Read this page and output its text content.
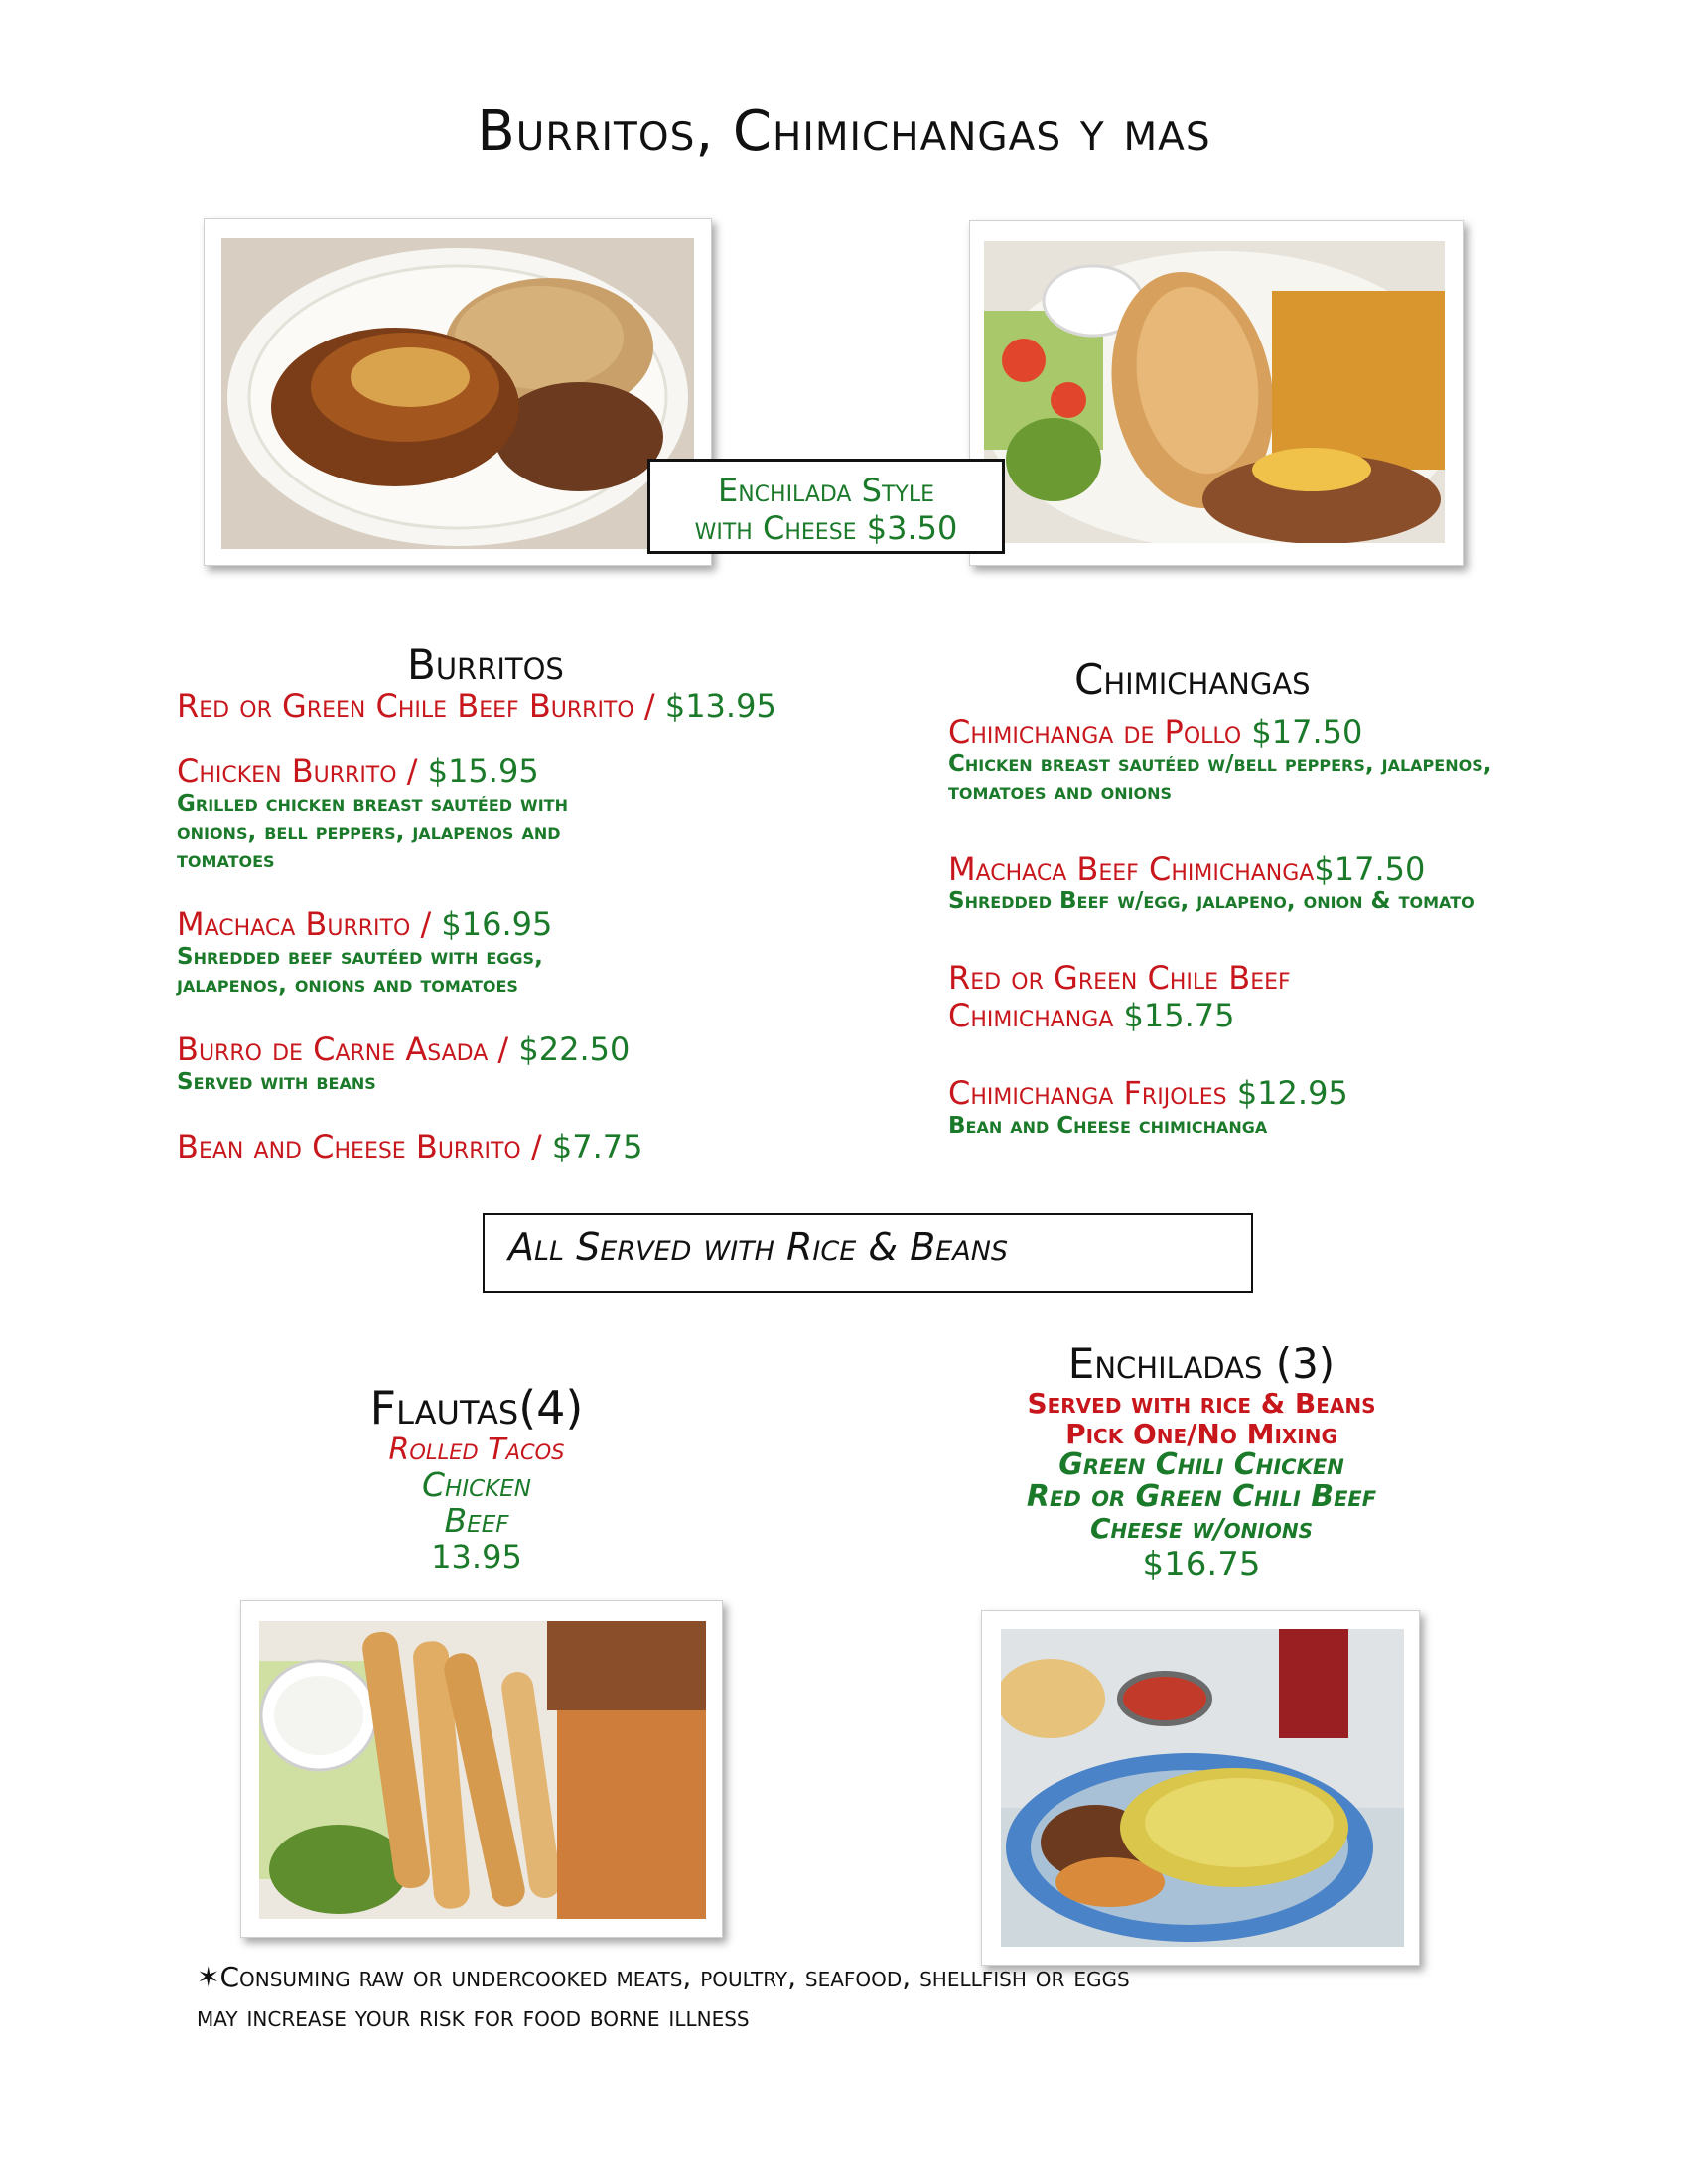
Burritos, Chimichangas y mas
Enchilada Style
with Cheese $3.50
Burritos
Red or Green Chile Beef Burrito / $13.95
Chicken Burrito / $15.95
Grilled chicken breast sautéed with onions, bell peppers, jalapenos and tomatoes
Machaca Burrito / $16.95
Shredded beef sautéed with eggs, jalapenos, onions and tomatoes
Burro de Carne Asada / $22.50
Served with beans
Bean and Cheese Burrito / $7.75
Chimichangas
Chimichanga de Pollo $17.50
Chicken breast sautéed w/bell peppers, jalapenos, tomatoes and onions
Machaca Beef Chimichanga$17.50
Shredded Beef w/egg, jalapeno, onion & tomato
Red or Green Chile Beef
Chimichanga $15.75
Chimichanga Frijoles $12.95
Bean and Cheese chimichanga
All Served with Rice & Beans
Flautas(4)
Rolled Tacos
Chicken
Beef
13.95
Enchiladas (3)
Served with rice & Beans
Pick One/No Mixing
Green Chili Chicken
Red or Green Chili Beef
Cheese w/onions
$16.75
✶Consuming raw or undercooked meats, poultry, seafood, shellfish or eggs
may increase your risk for food borne illness
